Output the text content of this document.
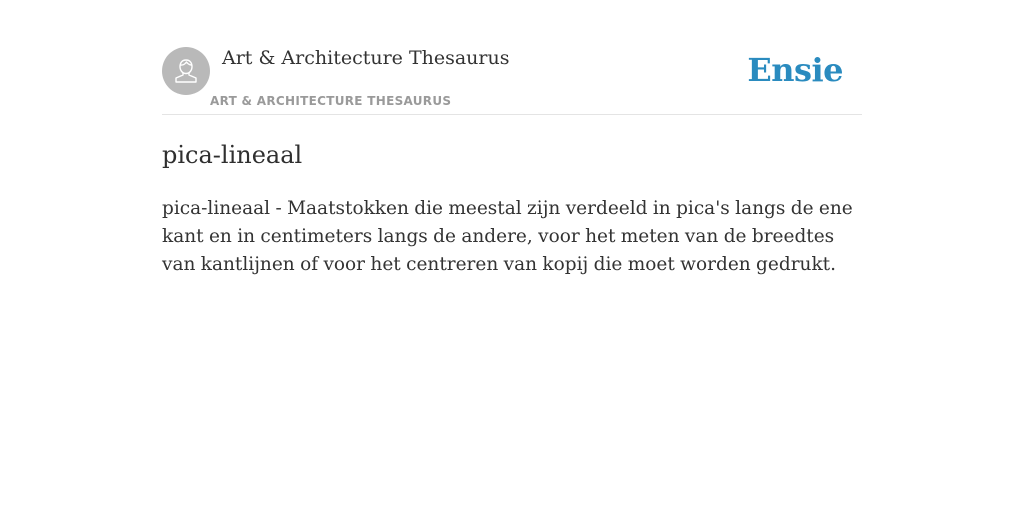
Art & Architecture Thesaurus
ART & ARCHITECTURE THESAURUS
Ensie
pica-lineaal

pica-lineaal - Maatstokken die meestal zijn verdeeld in pica's langs de ene kant en in centimeters langs de andere, voor het meten van de breedtes van kantlijnen of voor het centreren van kopij die moet worden gedrukt.
